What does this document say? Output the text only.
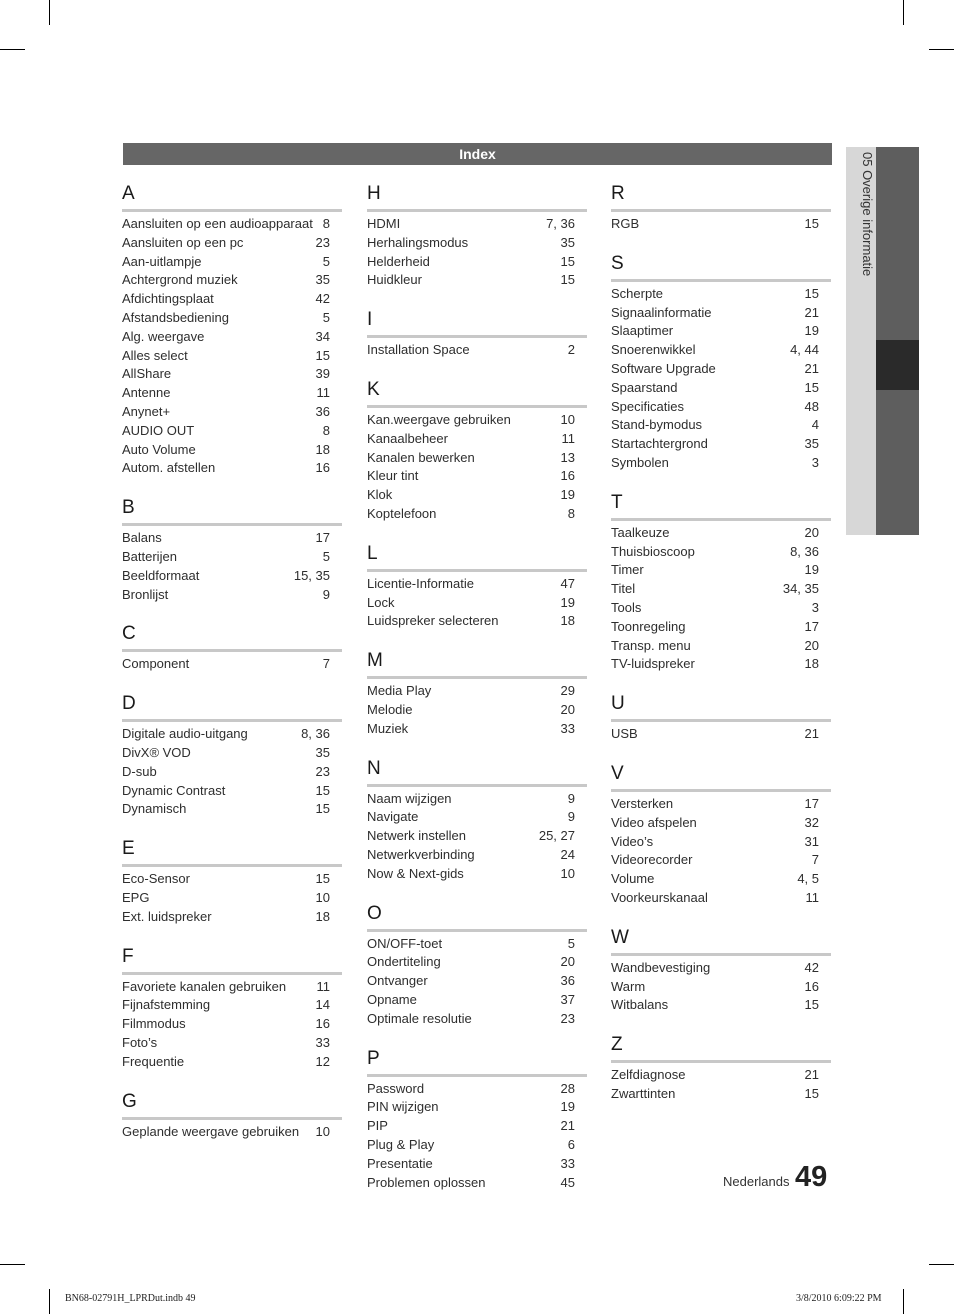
Index	05 Overige informatie
A
Aansluiten op een audioapparaat 8
Aansluiten op een pc	23
Aan-uitlampje	5
Achtergrond muziek	35
Afdichtingsplaat	42
Afstandsbediening	5
Alg. weergave	34
Alles select	15
AllShare	39
Antenne	11
Anynet+	36
AUDIO OUT	8
Auto Volume	18
Autom. afstellen	16
B
Balans	17
Batterijen	5
Beeldformaat	15, 35
Bronlijst	9
C
Component	7
D
Digitale audio-uitgang	8, 36
DivX® VOD	35
D-sub	23
Dynamic Contrast	15
Dynamisch	15
E
Eco-Sensor	15
EPG	10
Ext. luidspreker	18
F
Favoriete kanalen gebruiken 11
Fijnafstemming	14
Filmmodus	16
Foto’s	33
Frequentie	12
G
Geplande weergave gebruiken 10
H
HDMI	7, 36
Herhalingsmodus	35
Helderheid	15
Huidkleur	15
I
Installation Space	2
K
Kan.weergave gebruiken	10
Kanaalbeheer	11
Kanalen bewerken	13
Kleur tint	16
Klok	19
Koptelefoon	8
L
Licentie-Informatie	47
Lock	19
Luidspreker selecteren	18
M
Media Play	29
Melodie	20
Muziek	33
N
Naam wijzigen	9
Navigate	9
Netwerk instellen	25, 27
Netwerkverbinding	24
Now & Next-gids	10
O
ON/OFF-toet	5
Ondertiteling	20
Ontvanger	36
Opname	37
Optimale resolutie	23
P
Password	28
PIN wijzigen	19
PIP	21
Plug & Play	6
Presentatie	33
Problemen oplossen	45
R
RGB	15
S
Scherpte	15
Signaalinformatie	21
Slaaptimer	19
Snoerenwikkel	4, 44
Software Upgrade	21
Spaarstand	15
Specificaties	48
Stand-bymodus	4
Startachtergrond	35
Symbolen	3
T
Taalkeuze	20
Thuisbioscoop	8, 36
Timer	19
Titel	34, 35
Tools	3
Toonregeling	17
Transp. menu	20
TV-luidspreker	18
U
USB	21
V
Versterken	17
Video afspelen	32
Video’s	31
Videorecorder	7
Volume	4, 5
Voorkeurskanaal	11
W
Wandbevestiging	42
Warm	16
Witbalans	15
Z
Zelfdiagnose	21
Zwarttinten	15
Nederlands 49
BN68-02791H_LPRDut.indb 49	3/8/2010 6:09:22 PM
